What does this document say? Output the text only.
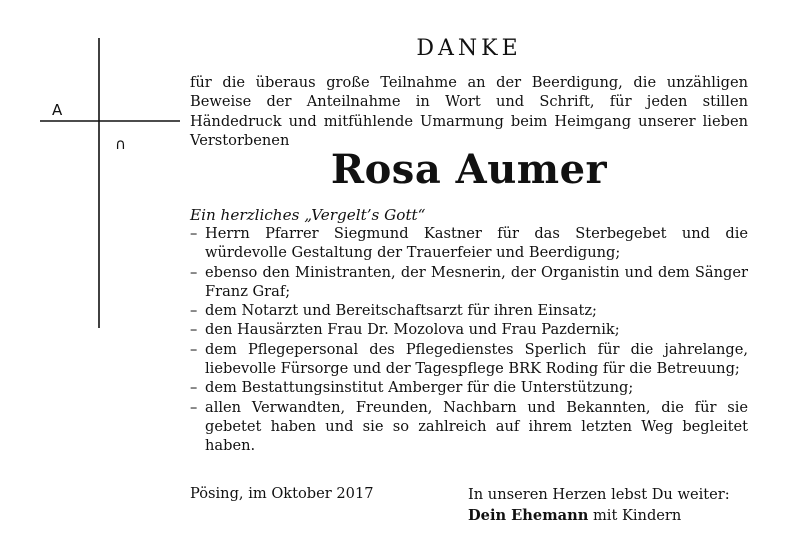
A
∩
DANKE
für die überaus große Teilnahme an der Beerdigung, die unzähligen Beweise der Anteilnahme in Wort und Schrift, für jeden stillen Händedruck und mitfühlende Umarmung beim Heimgang unserer lieben Verstorbenen
Rosa Aumer
Ein herzliches „Vergelt’s Gott“
– Herrn Pfarrer Siegmund Kastner für das Sterbegebet und die würdevolle Gestaltung der Trauerfeier und Beerdigung;
– ebenso den Ministranten, der Mesnerin, der Organistin und dem Sänger Franz Graf;
– dem Notarzt und Bereitschaftsarzt für ihren Einsatz;
– den Hausärzten Frau Dr. Mozolova und Frau Pazdernik;
– dem Pflegepersonal des Pflegedienstes Sperlich für die jahrelange, liebevolle Fürsorge und der Tagespflege BRK Roding für die Betreuung;
– dem Bestattungsinstitut Amberger für die Unterstützung;
– allen Verwandten, Freunden, Nachbarn und Bekannten, die für sie gebetet haben und sie so zahlreich auf ihrem letzten Weg begleitet haben.
Pösing, im Oktober 2017	In unseren Herzen lebst Du weiter:
Dein Ehemann mit Kindern
